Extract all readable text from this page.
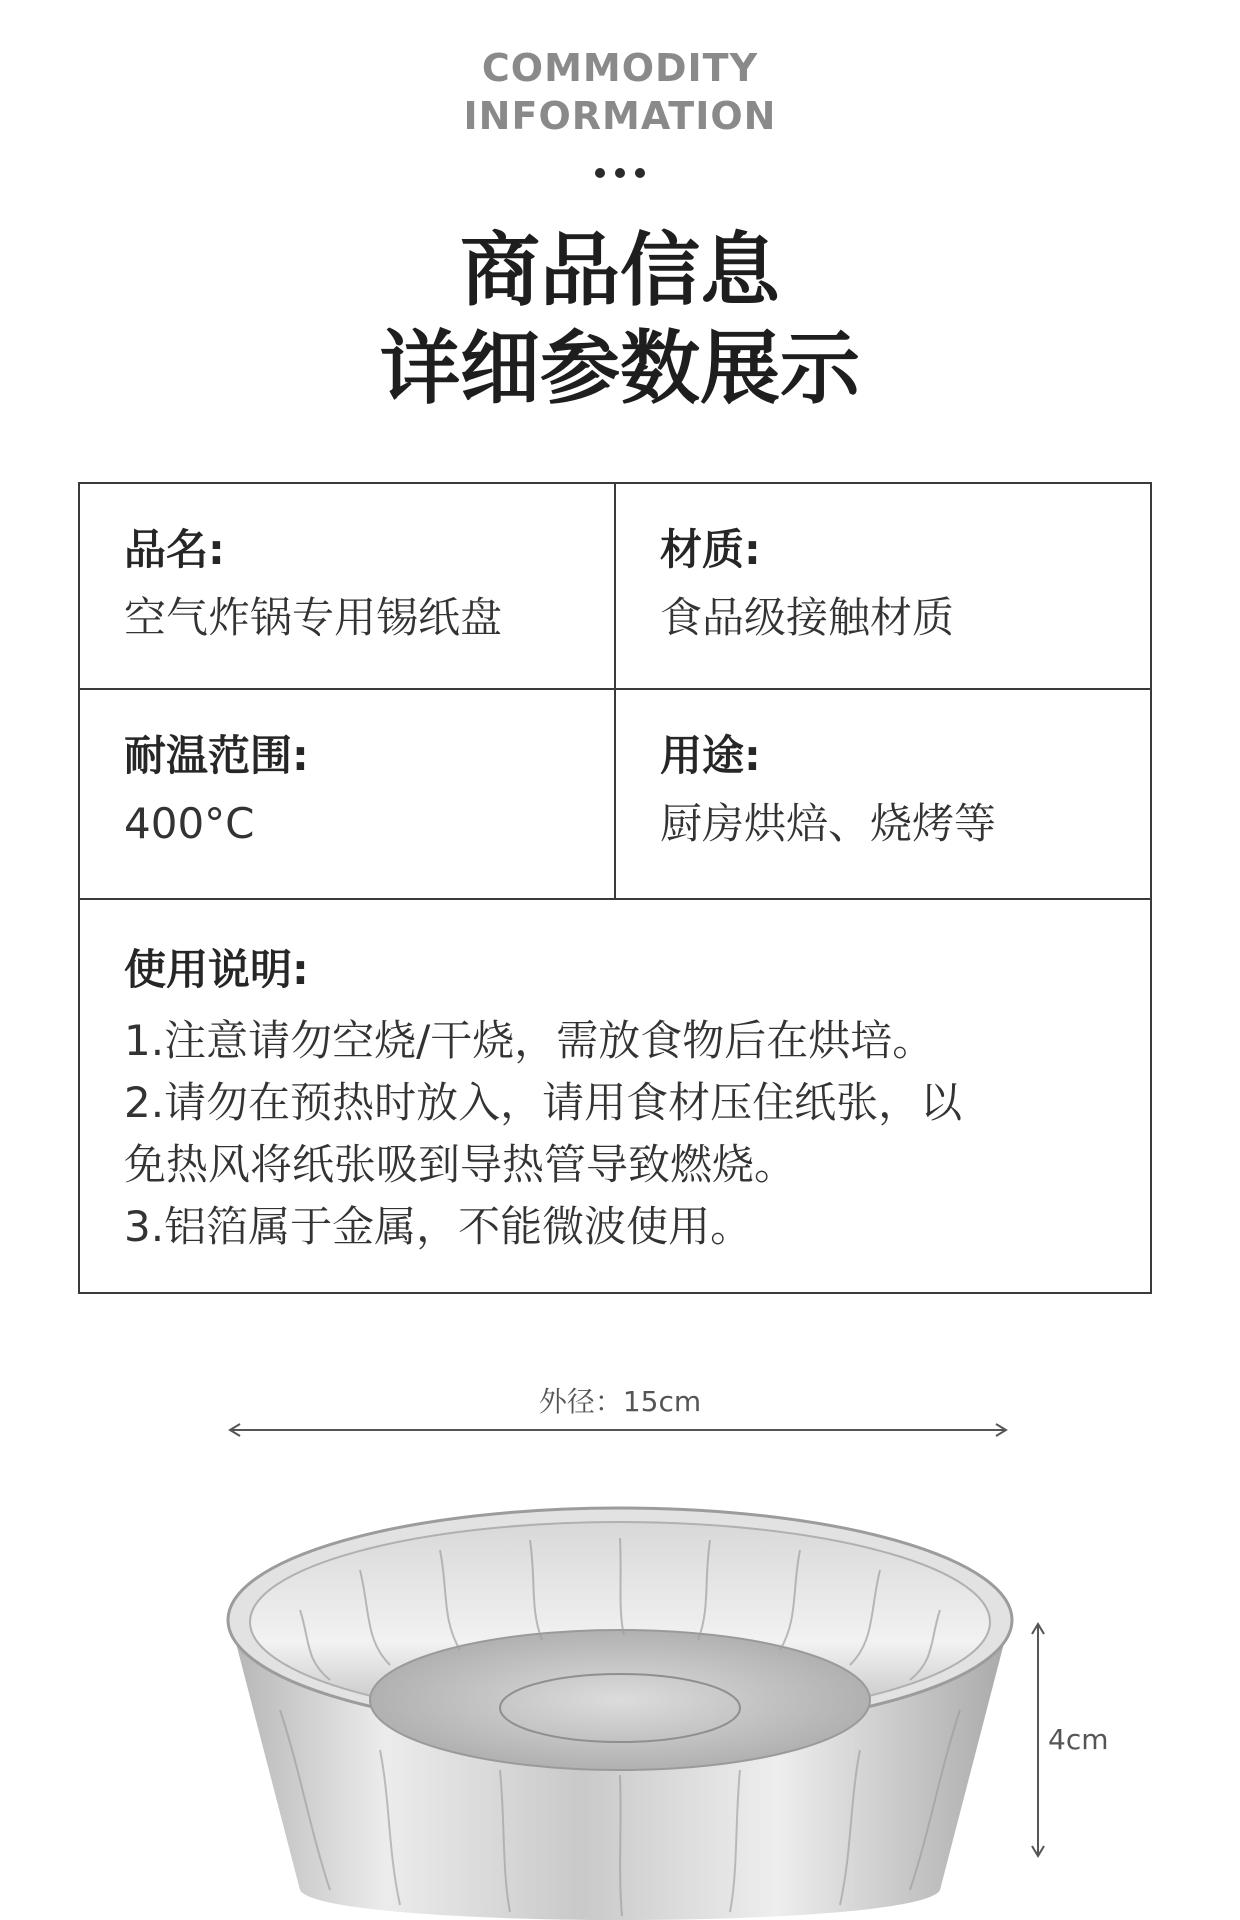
COMMODITY
INFORMATION
商品信息
详细参数展示
品名:
空气炸锅专用锡纸盘
材质:
食品级接触材质
耐温范围:
400°C
用途:
厨房烘焙、烧烤等
使用说明:
1.注意请勿空烧/干烧，需放食物后在烘培。
2.请勿在预热时放入，请用食材压住纸张，以
免热风将纸张吸到导热管导致燃烧。
3.铝箔属于金属，不能微波使用。
外径：15cm
4cm
